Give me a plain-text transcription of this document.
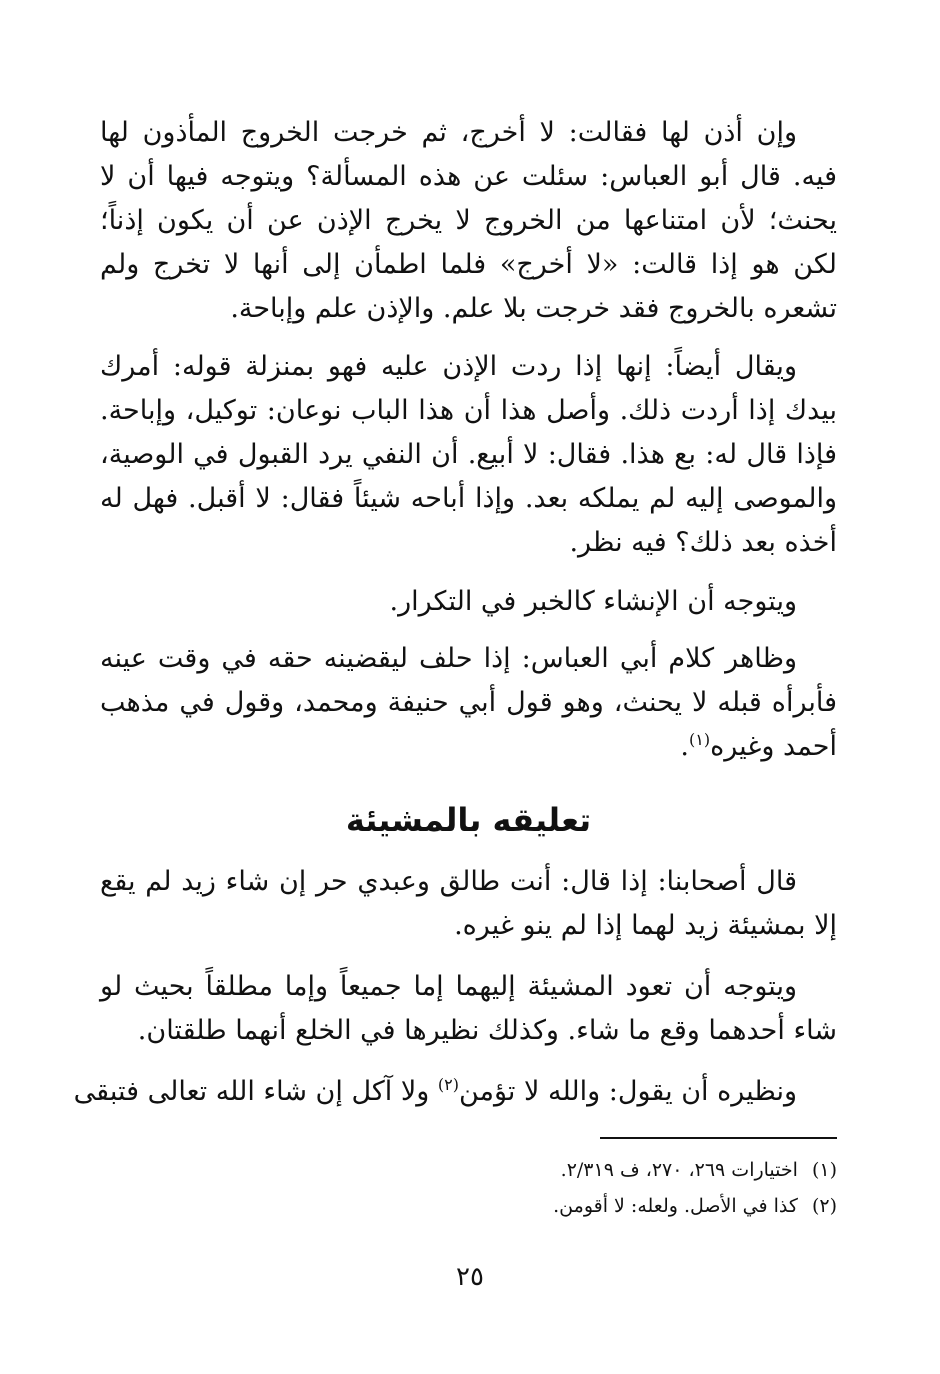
وإن أذن لها فقالت: لا أخرج، ثم خرجت الخروج المأذون لها فيه. قال أبو العباس: سئلت عن هذه المسألة؟ ويتوجه فيها أن لا يحنث؛ لأن امتناعها من الخروج لا يخرج الإذن عن أن يكون إذناً؛ لكن هو إذا قالت: «لا أخرج» فلما اطمأن إلى أنها لا تخرج ولم تشعره بالخروج فقد خرجت بلا علم. والإذن علم وإباحة.

ويقال أيضاً: إنها إذا ردت الإذن عليه فهو بمنزلة قوله: أمرك بيدك إذا أردت ذلك. وأصل هذا أن هذا الباب نوعان: توكيل، وإباحة. فإذا قال له: بع هذا. فقال: لا أبيع. أن النفي يرد القبول في الوصية، والموصى إليه لم يملكه بعد. وإذا أباحه شيئاً فقال: لا أقبل. فهل له أخذه بعد ذلك؟ فيه نظر.

ويتوجه أن الإنشاء كالخبر في التكرار.

وظاهر كلام أبي العباس: إذا حلف ليقضينه حقه في وقت عينه فأبرأه قبله لا يحنث، وهو قول أبي حنيفة ومحمد، وقول في مذهب أحمد وغيره$^{(١)}$.

تعليقه بالمشيئة

قال أصحابنا: إذا قال: أنت طالق وعبدي حر إن شاء زيد لم يقع إلا بمشيئة زيد لهما إذا لم ينو غيره.

ويتوجه أن تعود المشيئة إليهما إما جميعاً وإما مطلقاً بحيث لو شاء أحدهما وقع ما شاء. وكذلك نظيرها في الخلع أنهما طلقتان.

ونظيره أن يقول: والله لا تؤمن$^{(٢)}$ ولا آكل إن شاء الله تعالى فتبقى

(١)اختيارات ٢٦٩، ٢٧٠، ف ٢/٣١٩.

(٢)كذا في الأصل. ولعله: لا أقومن.

٢٥
